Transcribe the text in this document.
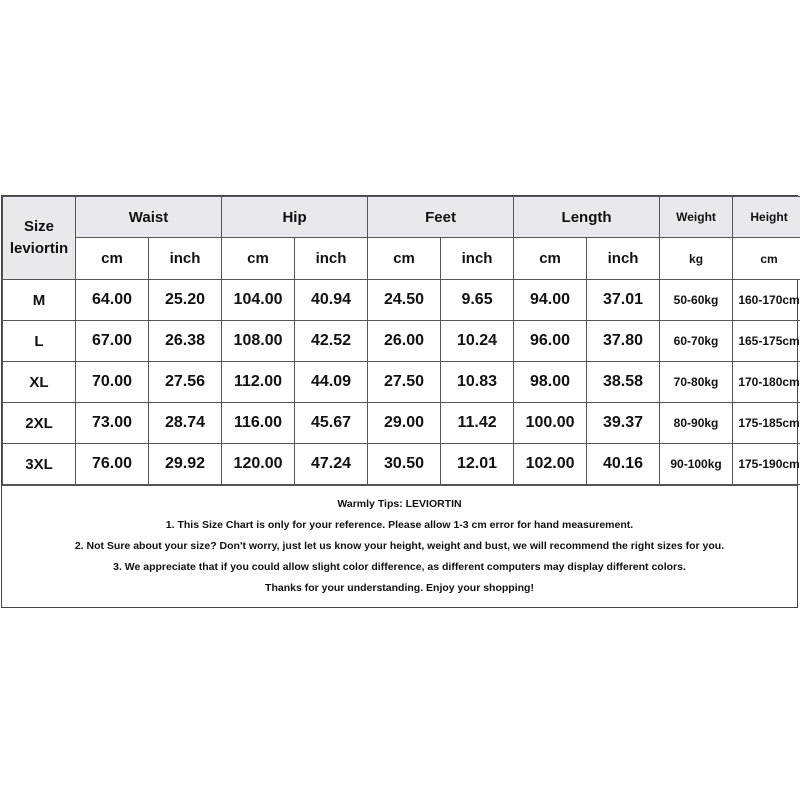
Size
leviortin	Waist		Hip		Feet		Length		Weight	Height
	cm	inch	cm	inch	cm	inch	cm	inch	kg	cm
M	64.00	25.20	104.00	40.94	24.50	9.65	94.00	37.01	50-60kg	160-170cm
L	67.00	26.38	108.00	42.52	26.00	10.24	96.00	37.80	60-70kg	165-175cm
XL	70.00	27.56	112.00	44.09	27.50	10.83	98.00	38.58	70-80kg	170-180cm
2XL	73.00	28.74	116.00	45.67	29.00	11.42	100.00	39.37	80-90kg	175-185cm
3XL	76.00	29.92	120.00	47.24	30.50	12.01	102.00	40.16	90-100kg	175-190cm
Warmly Tips: LEVIORTIN
1. This Size Chart is only for your reference. Please allow 1-3 cm error for hand measurement.
2. Not Sure about your size? Don't worry, just let us know your height, weight and bust, we will recommend the right sizes for you.
3. We appreciate that if you could allow slight color difference, as different computers may display different colors.
Thanks for your understanding. Enjoy your shopping!
